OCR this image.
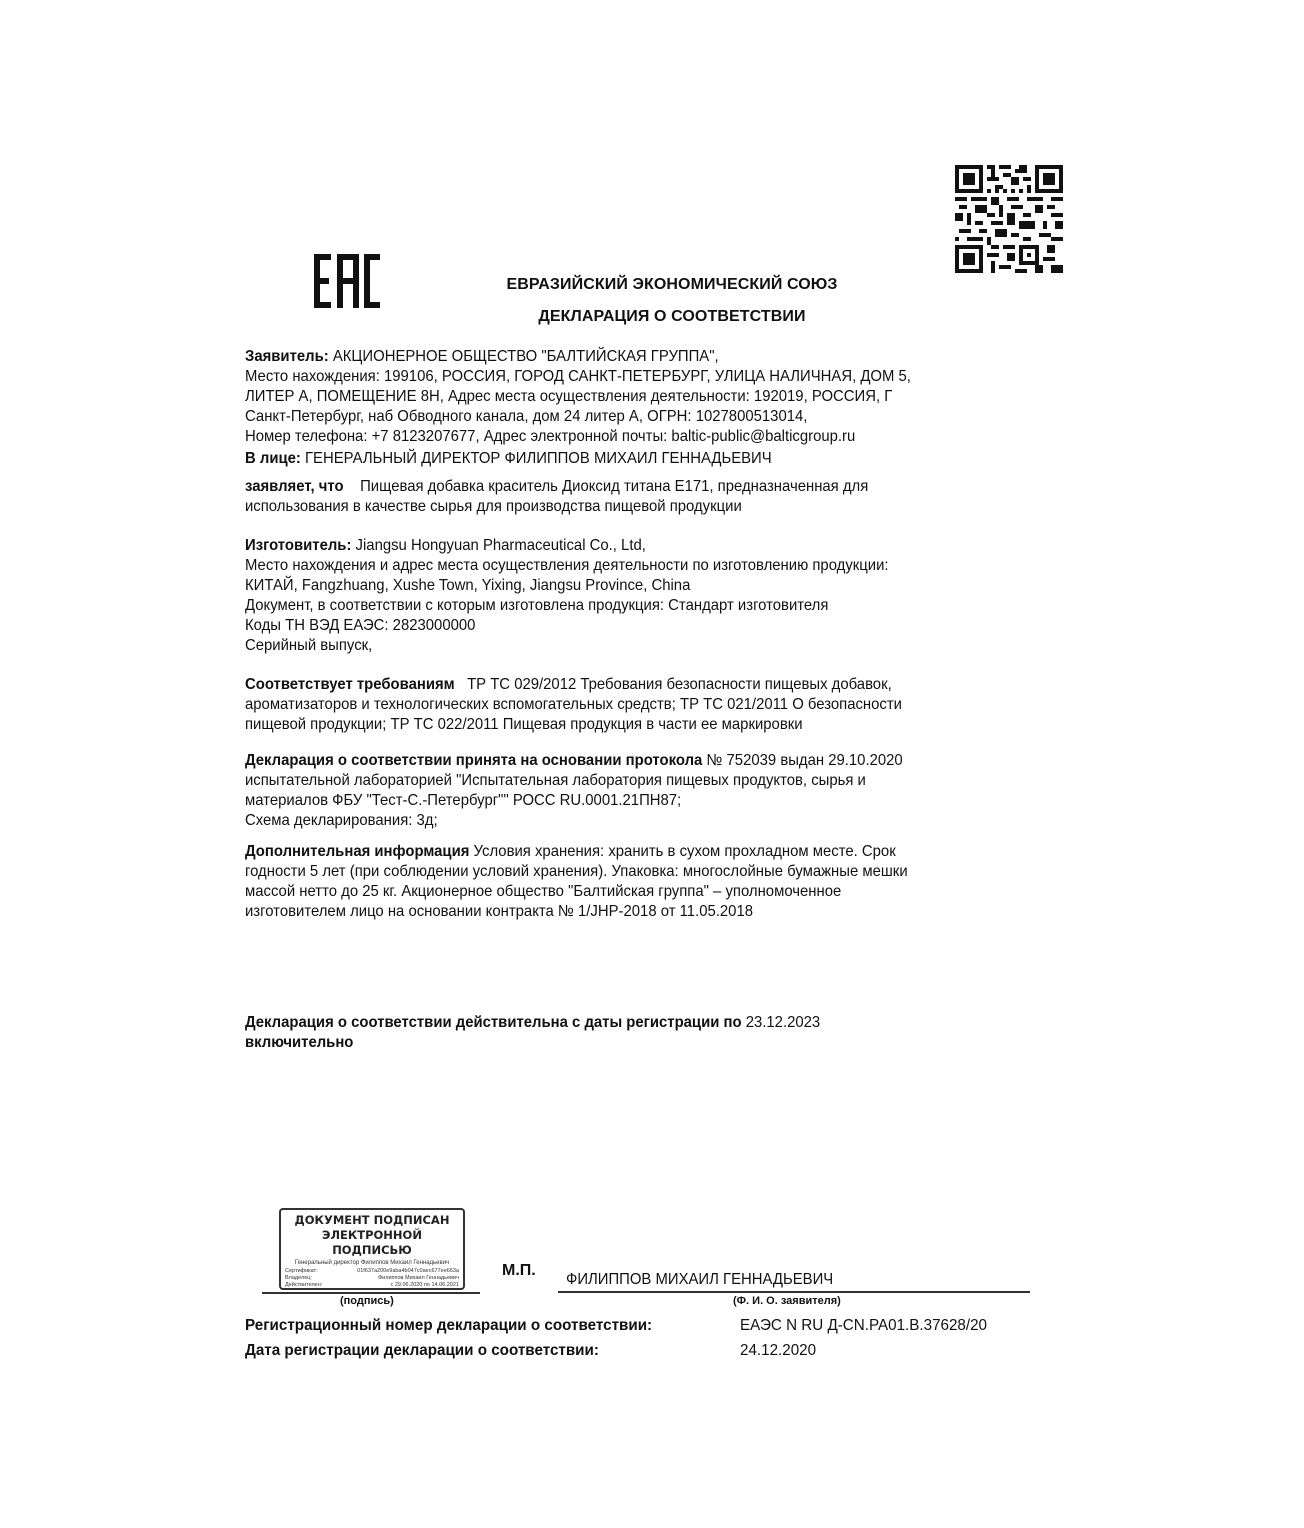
ЕВРАЗИЙСКИЙ ЭКОНОМИЧЕСКИЙ СОЮЗ
ДЕКЛАРАЦИЯ О СООТВЕТСТВИИ

Заявитель: АКЦИОНЕРНОЕ ОБЩЕСТВО "БАЛТИЙСКАЯ ГРУППА",

Место нахождения: 199106, РОССИЯ, ГОРОД САНКТ-ПЕТЕРБУРГ, УЛИЦА НАЛИЧНАЯ, ДОМ 5,

ЛИТЕР А, ПОМЕЩЕНИЕ 8Н, Адрес места осуществления деятельности: 192019, РОССИЯ, Г

Санкт-Петербург, наб Обводного канала, дом 24 литер А, ОГРН: 1027800513014,

Номер телефона: +7 8123207677, Адрес электронной почты: baltic-public@balticgroup.ru

В лице: ГЕНЕРАЛЬНЫЙ ДИРЕКТОР ФИЛИППОВ МИХАИЛ ГЕННАДЬЕВИЧ

заявляет, что    Пищевая добавка краситель Диоксид титана Е171, предназначенная для

использования в качестве сырья для производства пищевой продукции

Изготовитель: Jiangsu Hongyuan Pharmaceutical Co., Ltd,

Место нахождения и адрес места осуществления деятельности по изготовлению продукции:

КИТАЙ, Fangzhuang, Xushe Town, Yixing, Jiangsu Province, China

Документ, в соответствии с которым изготовлена продукция: Стандарт изготовителя

Коды ТН ВЭД ЕАЭС: 2823000000

Серийный выпуск,

Соответствует требованиям   ТР ТС 029/2012 Требования безопасности пищевых добавок,

ароматизаторов и технологических вспомогательных средств; ТР ТС 021/2011 О безопасности

пищевой продукции; ТР ТС 022/2011 Пищевая продукция в части ее маркировки

Декларация о соответствии принята на основании протокола № 752039 выдан 29.10.2020

испытательной лабораторией "Испытательная лаборатория пищевых продуктов, сырья и

материалов ФБУ "Тест-С.-Петербург"" РОСС RU.0001.21ПН87;

Схема декларирования: 3д;

Дополнительная информация Условия хранения: хранить в сухом прохладном месте. Срок

годности 5 лет (при соблюдении условий хранения). Упаковка: многослойные бумажные мешки

массой нетто до 25 кг. Акционерное общество "Балтийская группа" – уполномоченное

изготовителем лицо на основании контракта № 1/JHP-2018 от 11.05.2018

Декларация о соответствии действительна с даты регистрации по 23.12.2023

включительно

ДОКУМЕНТ ПОДПИСАН
ЭЛЕКТРОННОЙ ПОДПИСЬЮ
Генеральный директор Филиппов Михаил Геннадьевич
Сертификат:	01f637a200e9aba4b047c0aec677ee663a
Владелец:	Филиппов Михаил Геннадьевич
Действителен:	с 29.06.2020 по 14.06.2021
М.П.
ФИЛИППОВ МИХАИЛ ГЕННАДЬЕВИЧ
(подпись)	(Ф. И. О. заявителя)
Регистрационный номер декларации о соответствии:	ЕАЭС N RU Д-CN.PA01.B.37628/20
Дата регистрации декларации о соответствии:	24.12.2020
